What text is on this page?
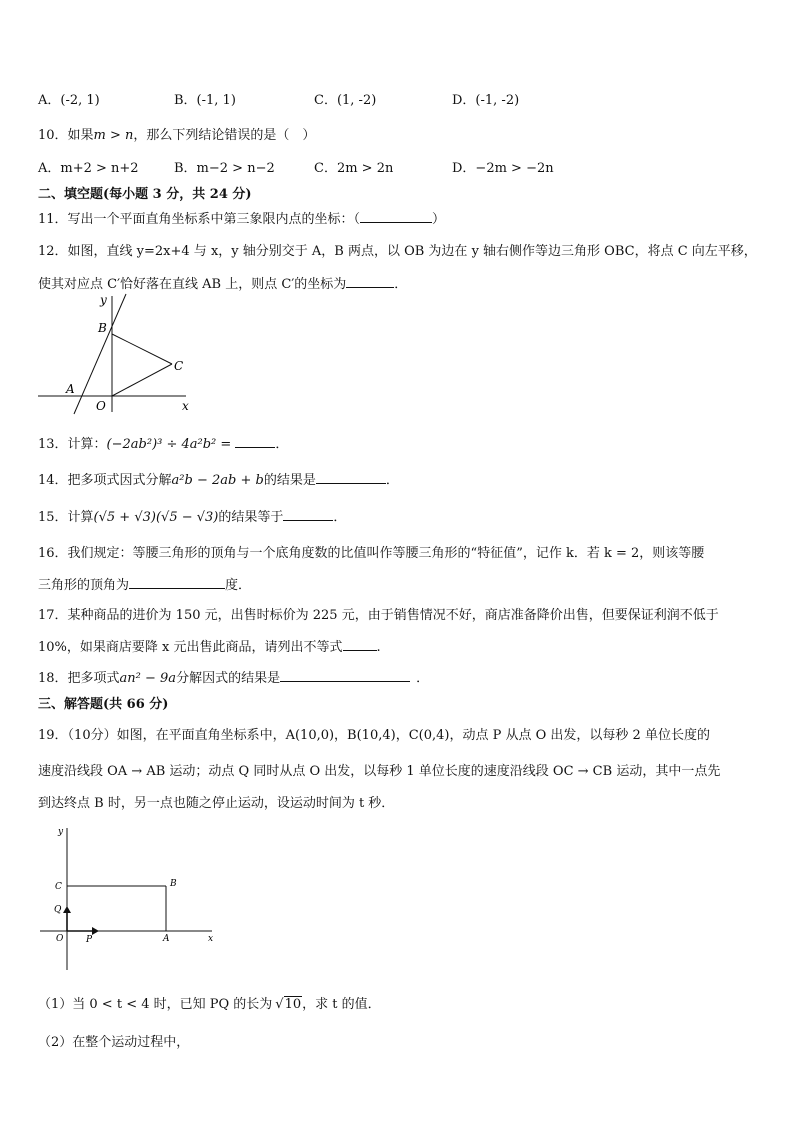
A．(-2, 1)	B．(-1, 1)	C．(1, -2)	D．(-1, -2)
10．如果m > n，那么下列结论错误的是（　）
A．m+2 > n+2	B．m−2 > n−2	C．2m > 2n	D．−2m > −2n
二、填空题(每小题 3 分，共 24 分)
11．写出一个平面直角坐标系中第三象限内点的坐标：（	）
12．如图，直线 y=2x+4 与 x，y 轴分别交于 A，B 两点，以 OB 为边在 y 轴右侧作等边三角形 OBC，将点 C 向左平移，
使其对应点 C′恰好落在直线 AB 上，则点 C′的坐标为	．
y
B
C
A
O	x
13．计算：(−2ab²)³ ÷ 4a²b² =	．
14．把多项式因式分解a²b − 2ab + b的结果是	．
15．计算(√5 + √3)(√5 − √3)的结果等于	．
16．我们规定：等腰三角形的顶角与一个底角度数的比值叫作等腰三角形的“特征值”，记作 k．若 k = 2，则该等腰
三角形的顶角为	度．
17．某种商品的进价为 150 元，出售时标价为 225 元，由于销售情况不好，商店准备降价出售，但要保证利润不低于
10%，如果商店要降 x 元出售此商品，请列出不等式	.
18．把多项式an² − 9a分解因式的结果是	．
三、解答题(共 66 分)
19．（10分）如图，在平面直角坐标系中，A(10,0)，B(10,4)，C(0,4)，动点 P 从点 O 出发，以每秒 2 单位长度的
速度沿线段 OA → AB 运动；动点 Q 同时从点 O 出发，以每秒 1 单位长度的速度沿线段 OC → CB 运动，其中一点先
到达终点 B 时，另一点也随之停止运动，设运动时间为 t 秒．
y
C	B
Q
O	P	A	x
（1）当 0 < t < 4 时，已知 PQ 的长为 √10，求 t 的值．
（2）在整个运动过程中，
